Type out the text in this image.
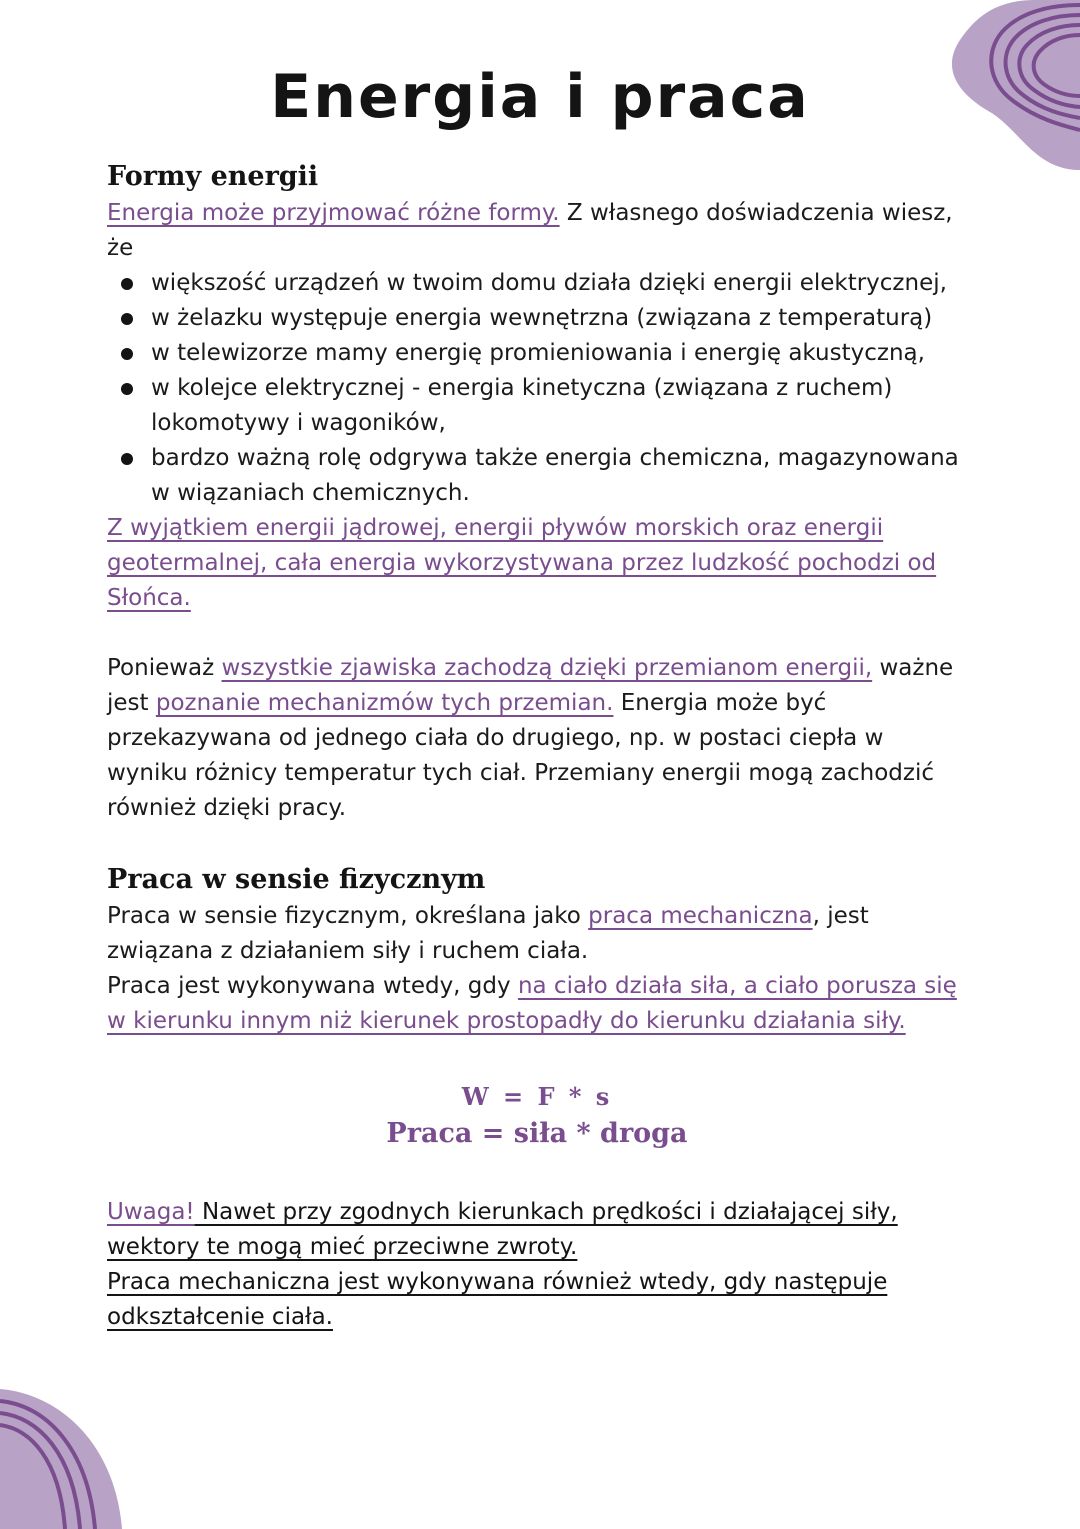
Energia i praca
Formy energii

Energia może przyjmować różne formy. Z własnego doświadczenia wiesz, że

większość urządzeń w twoim domu działa dzięki energii elektrycznej,
w żelazku występuje energia wewnętrzna (związana z temperaturą)
w telewizorze mamy energię promieniowania i energię akustyczną,
w kolejce elektrycznej - energia kinetyczna (związana z ruchem) lokomotywy i wagoników,
bardzo ważną rolę odgrywa także energia chemiczna, magazynowana w wiązaniach chemicznych.

Z wyjątkiem energii jądrowej, energii pływów morskich oraz energii geotermalnej, cała energia wykorzystywana przez ludzkość pochodzi od Słońca.

Ponieważ wszystkie zjawiska zachodzą dzięki przemianom energii, ważne jest poznanie mechanizmów tych przemian. Energia może być przekazywana od jednego ciała do drugiego, np. w postaci ciepła w wyniku różnicy temperatur tych ciał. Przemiany energii mogą zachodzić również dzięki pracy.

Praca w sensie fizycznym

Praca w sensie fizycznym, określana jako praca mechaniczna, jest związana z działaniem siły i ruchem ciała.

Praca jest wykonywana wtedy, gdy na ciało działa siła, a ciało porusza się w kierunku innym niż kierunek prostopadły do kierunku działania siły.

W = F * s
Praca = siła * droga

Uwaga! Nawet przy zgodnych kierunkach prędkości i działającej siły, wektory te mogą mieć przeciwne zwroty.

Praca mechaniczna jest wykonywana również wtedy, gdy następuje odkształcenie ciała.
